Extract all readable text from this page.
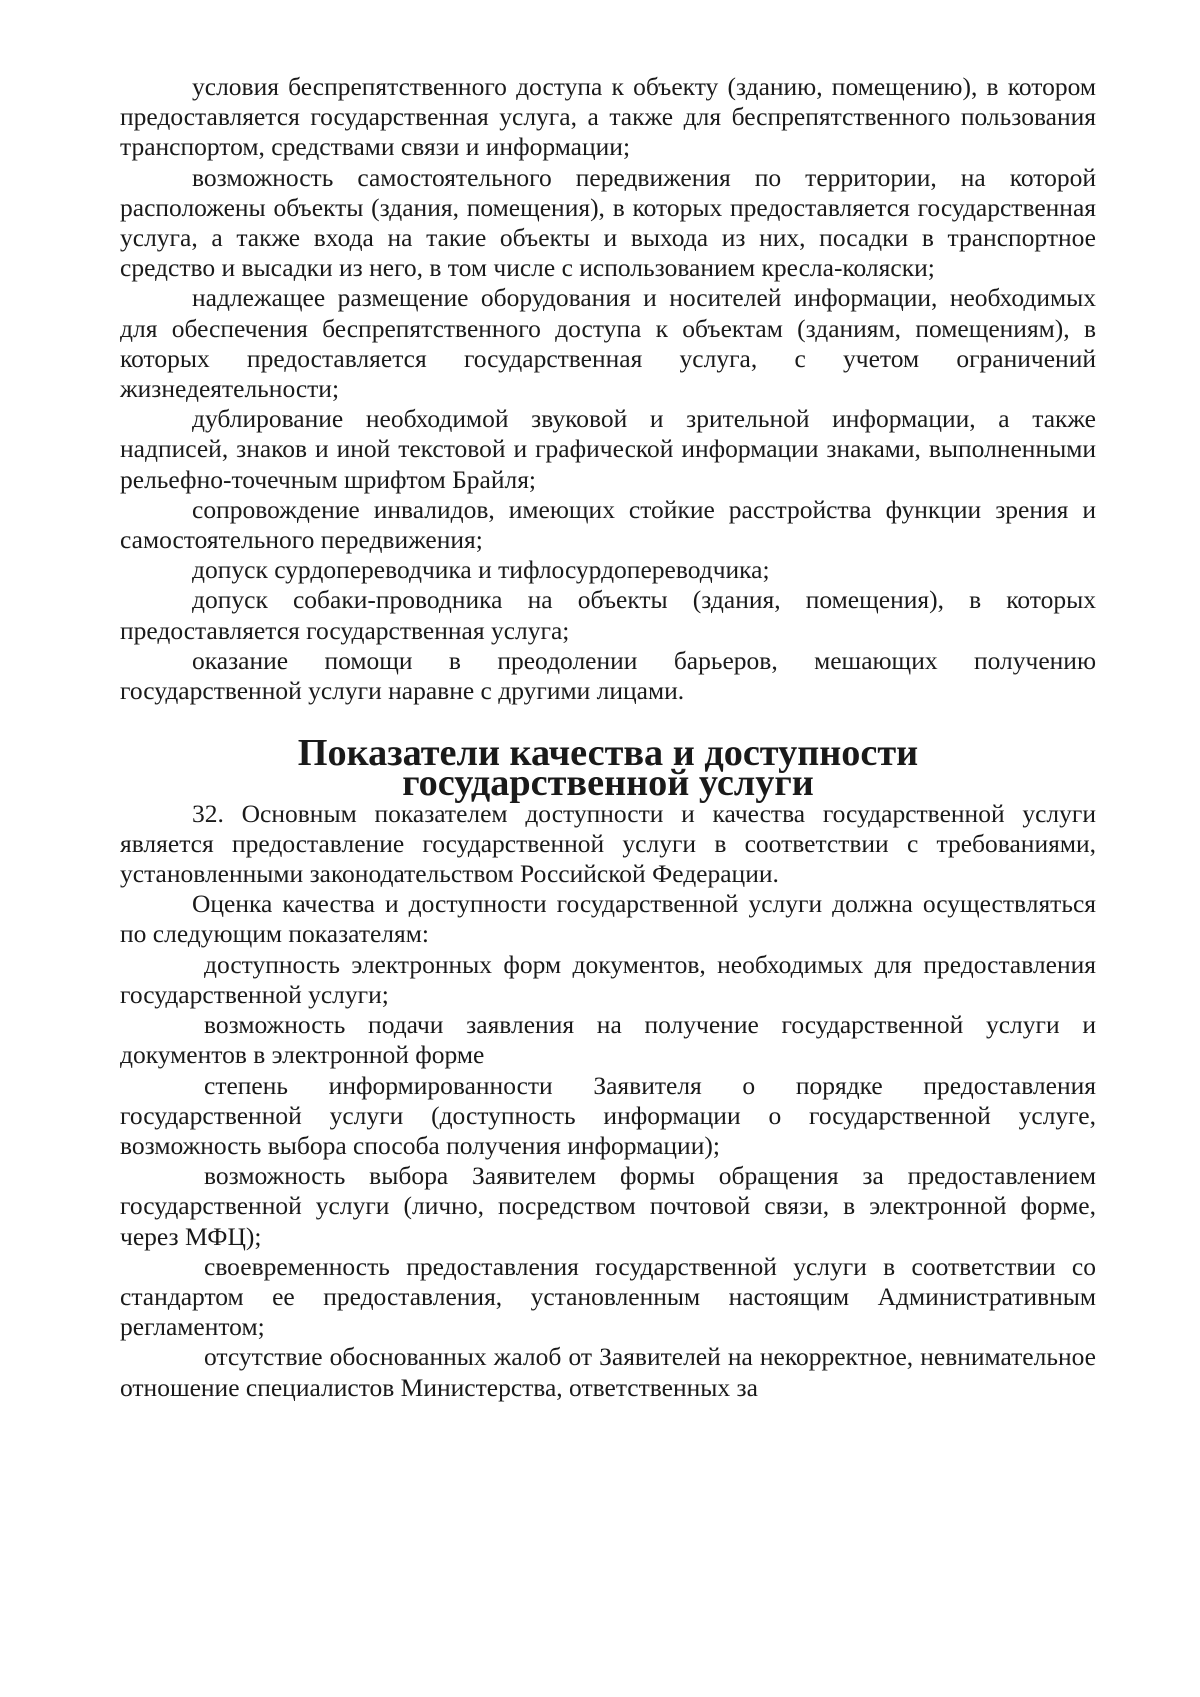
условия беспрепятственного доступа к объекту (зданию, помещению), в котором предоставляется государственная услуга, а также для беспрепятственного пользования транспортом, средствами связи и информации;

возможность самостоятельного передвижения по территории, на которой расположены объекты (здания, помещения), в которых предоставляется государственная услуга, а также входа на такие объекты и выхода из них, посадки в транспортное средство и высадки из него, в том числе с использованием кресла-коляски;

надлежащее размещение оборудования и носителей информации, необходимых для обеспечения беспрепятственного доступа к объектам (зданиям, помещениям), в которых предоставляется государственная услуга, с учетом ограничений жизнедеятельности;

дублирование необходимой звуковой и зрительной информации, а также надписей, знаков и иной текстовой и графической информации знаками, выполненными рельефно-точечным шрифтом Брайля;

сопровождение инвалидов, имеющих стойкие расстройства функции зрения и самостоятельного передвижения;

допуск сурдопереводчика и тифлосурдопереводчика;

допуск собаки-проводника на объекты (здания, помещения), в которых предоставляется государственная услуга;

оказание помощи в преодолении барьеров, мешающих получению государственной услуги наравне с другими лицами.

Показатели качества и доступности
государственной услуги

32. Основным показателем доступности и качества государственной услуги является предоставление государственной услуги в соответствии с требованиями, установленными законодательством Российской Федерации.

Оценка качества и доступности государственной услуги должна осуществляться по следующим показателям:

доступность электронных форм документов, необходимых для предоставления государственной услуги;

возможность подачи заявления на получение государственной услуги и документов в электронной форме

степень информированности Заявителя о порядке предоставления государственной услуги (доступность информации о государственной услуге, возможность выбора способа получения информации);

возможность выбора Заявителем формы обращения за предоставлением государственной услуги (лично, посредством почтовой связи, в электронной форме, через МФЦ);

своевременность предоставления государственной услуги в соответствии со стандартом ее предоставления, установленным настоящим Административным регламентом;

отсутствие обоснованных жалоб от Заявителей на некорректное, невнимательное отношение специалистов Министерства, ответственных за
